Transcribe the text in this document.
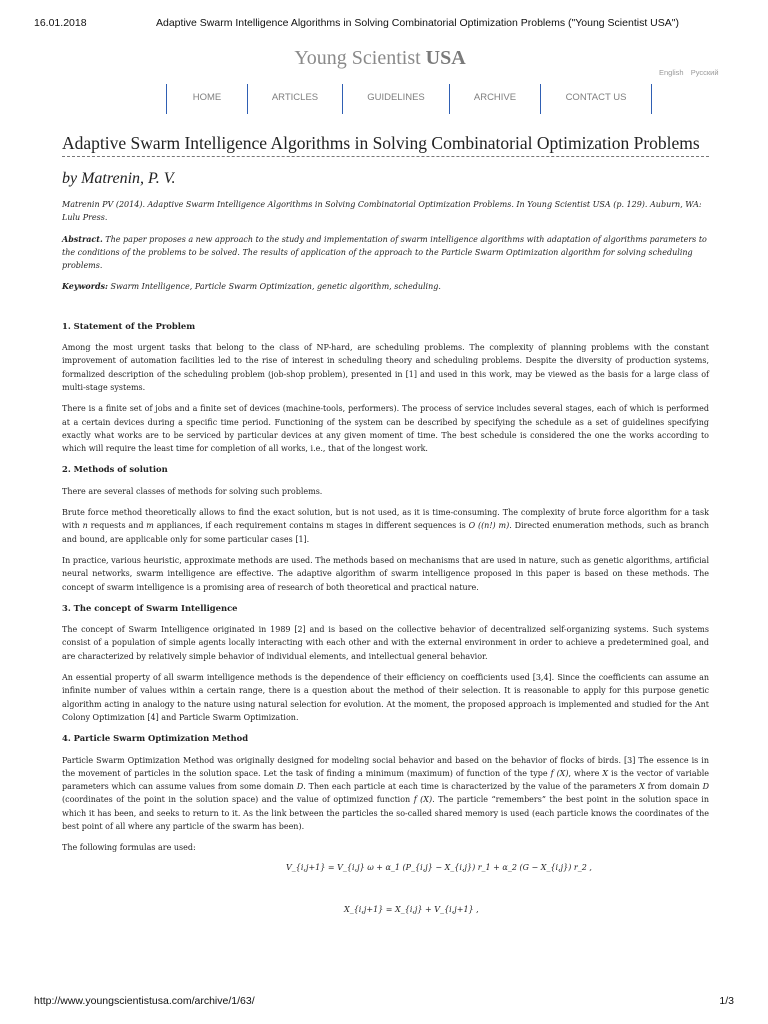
16.01.2018	Adaptive Swarm Intelligence Algorithms in Solving Combinatorial Optimization Problems ("Young Scientist USA")
Young Scientist USA
English Русский
HOME	ARTICLES	GUIDELINES	ARCHIVE	CONTACT US
Adaptive Swarm Intelligence Algorithms in Solving Combinatorial Optimization Problems
by Matrenin, P. V.

Matrenin PV (2014). Adaptive Swarm Intelligence Algorithms in Solving Combinatorial Optimization Problems. In Young Scientist USA (p. 129). Auburn, WA: Lulu Press.

Abstract. The paper proposes a new approach to the study and implementation of swarm intelligence algorithms with adaptation of algorithms parameters to the conditions of the problems to be solved. The results of application of the approach to the Particle Swarm Optimization algorithm for solving scheduling problems.

Keywords: Swarm Intelligence, Particle Swarm Optimization, genetic algorithm, scheduling.

1. Statement of the Problem

Among the most urgent tasks that belong to the class of NP-hard, are scheduling problems. The complexity of planning problems with the constant improvement of automation facilities led to the rise of interest in scheduling theory and scheduling problems. Despite the diversity of production systems, formalized description of the scheduling problem (job-shop problem), presented in [1] and used in this work, may be viewed as the basis for a large class of multi-stage systems.

There is a finite set of jobs and a finite set of devices (machine-tools, performers). The process of service includes several stages, each of which is performed at a certain devices during a specific time period. Functioning of the system can be described by specifying the schedule as a set of guidelines specifying exactly what works are to be serviced by particular devices at any given moment of time. The best schedule is considered the one the works according to which will require the least time for completion of all works, i.e., that of the longest work.

2. Methods of solution

There are several classes of methods for solving such problems.

Brute force method theoretically allows to find the exact solution, but is not used, as it is time-consuming. The complexity of brute force algorithm for a task with n requests and m appliances, if each requirement contains m stages in different sequences is O ((n!) m). Directed enumeration methods, such as branch and bound, are applicable only for some particular cases [1].

In practice, various heuristic, approximate methods are used. The methods based on mechanisms that are used in nature, such as genetic algorithms, artificial neural networks, swarm intelligence are effective. The adaptive algorithm of swarm intelligence proposed in this paper is based on these methods. The concept of swarm intelligence is a promising area of research of both theoretical and practical nature.

3. The concept of Swarm Intelligence

The concept of Swarm Intelligence originated in 1989 [2] and is based on the collective behavior of decentralized self-organizing systems. Such systems consist of a population of simple agents locally interacting with each other and with the external environment in order to achieve a predetermined goal, and are characterized by relatively simple behavior of individual elements, and intellectual general behavior.

An essential property of all swarm intelligence methods is the dependence of their efficiency on coefficients used [3,4]. Since the coefficients can assume an infinite number of values within a certain range, there is a question about the method of their selection. It is reasonable to apply for this purpose genetic algorithm acting in analogy to the nature using natural selection for evolution. At the moment, the proposed approach is implemented and studied for the Ant Colony Optimization [4] and Particle Swarm Optimization.

4. Particle Swarm Optimization Method

Particle Swarm Optimization Method was originally designed for modeling social behavior and based on the behavior of flocks of birds. [3] The essence is in the movement of particles in the solution space. Let the task of finding a minimum (maximum) of function of the type f (X), where X is the vector of variable parameters which can assume values from some domain D. Then each particle at each time is characterized by the value of the parameters X from domain D (coordinates of the point in the solution space) and the value of optimized function f (X). The particle “remembers” the best point in the solution space in which it has been, and seeks to return to it. As the link between the particles the so-called shared memory is used (each particle knows the coordinates of the best point of all where any particle of the swarm has been).

The following formulas are used:

V_{i,j+1} = V_{i,j} ω + α_1 (P_{i,j} − X_{i,j}) r_1 + α_2 (G − X_{i,j}) r_2 ,
X_{i,j+1} = X_{i,j} + V_{i,j+1} ,
http://www.youngscientistusa.com/archive/1/63/	1/3
